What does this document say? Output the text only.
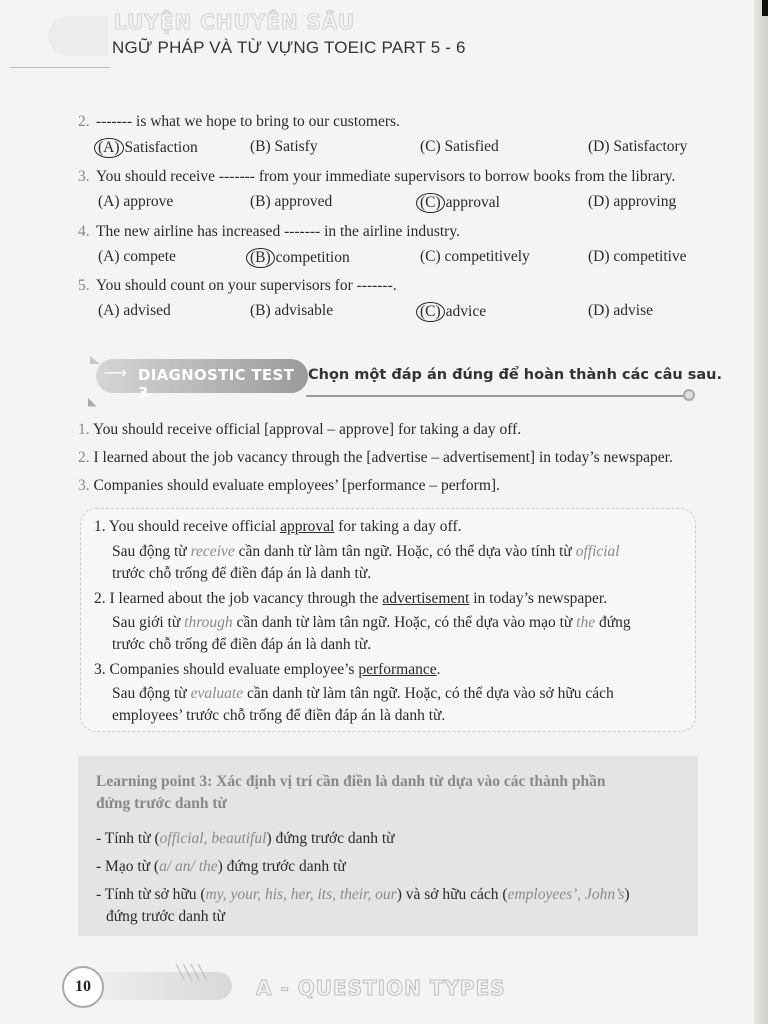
LUYỆN CHUYÊN SÂU
NGỮ PHÁP VÀ TỪ VỰNG TOEIC PART 5 - 6
2. ------- is what we hope to bring to our customers.
(A) Satisfaction	(B) Satisfy	(C) Satisfied	(D) Satisfactory
3. You should receive ------- from your immediate supervisors to borrow books from the library.
(A) approve	(B) approved	(C) approval	(D) approving
4. The new airline has increased ------- in the airline industry.
(A) compete	(B) competition	(C) competitively	(D) competitive
5. You should count on your supervisors for -------.
(A) advised	(B) advisable	(C) advice	(D) advise
⟶ DIAGNOSTIC TEST 3
Chọn một đáp án đúng để hoàn thành các câu sau.
◣
1. You should receive official [approval – approve] for taking a day off.
2. I learned about the job vacancy through the [advertise – advertisement] in today’s newspaper.
3. Companies should evaluate employees’ [performance – perform].
1. You should receive official approval for taking a day off.
Sau động từ receive cần danh từ làm tân ngữ. Hoặc, có thể dựa vào tính từ official
trước chỗ trống để điền đáp án là danh từ.
2. I learned about the job vacancy through the advertisement in today’s newspaper.
Sau giới từ through cần danh từ làm tân ngữ. Hoặc, có thể dựa vào mạo từ the đứng
trước chỗ trống để điền đáp án là danh từ.
3. Companies should evaluate employee’s performance.
Sau động từ evaluate cần danh từ làm tân ngữ. Hoặc, có thể dựa vào sở hữu cách
employees’ trước chỗ trống để điền đáp án là danh từ.
Learning point 3: Xác định vị trí cần điền là danh từ dựa vào các thành phần
đứng trước danh từ
- Tính từ (official, beautiful) đứng trước danh từ
- Mạo từ (a/ an/ the) đứng trước danh từ
- Tính từ sở hữu (my, your, his, her, its, their, our) và sở hữu cách (employees’, John’s)
đứng trước danh từ
╲╲╲╲
10	A - QUESTION TYPES
